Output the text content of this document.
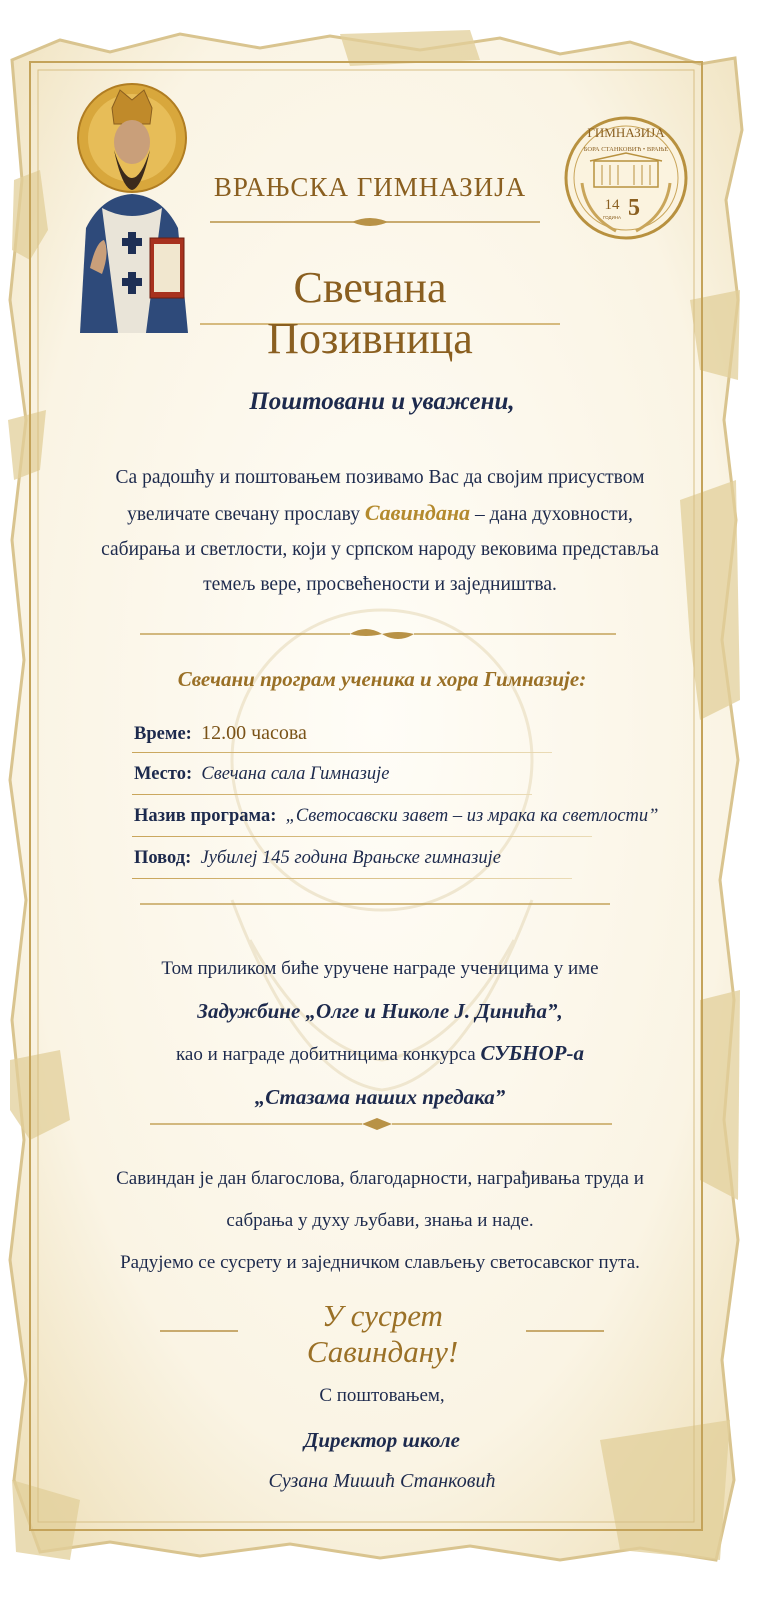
ГИМНАЗИЈА
БОРА СТАНКОВИЋ • ВРАЊЕ
14 5
ГОДИНА
ВРАЊСКА ГИМНАЗИЈА
Свечана Позивница
Поштовани и уважени,
Са радошћу и поштовањем позивамо Вас да својим присуством увеличате свечану прославу Савиндана – дана духовности, сабирања и светлости, који у српском народу вековима представља темељ вере, просвећености и заједништва.
Свечани програм ученика и хора Гимназије:
Време: 12.00 часова
Место: Свечана сала Гимназије
Назив програма: „Светосавски завет – из мрака ка светлости”
Повод: Јубилеј 145 година Врањске гимназије
Том приликом биће уручене награде ученицима у име
Задужбине „Олге и Николе Ј. Динића”,
као и награде добитницима конкурса СУБНОР-а
„Стазама наших предака”
Савиндан је дан благослова, благодарности, награђивања труда и
сабрања у духу љубави, знања и наде.
Радујемо се сусрету и заједничком слављењу светосавског пута.
У сусрет Савиндану!
С поштовањем,
Директор школе
Сузана Мишић Станковић
